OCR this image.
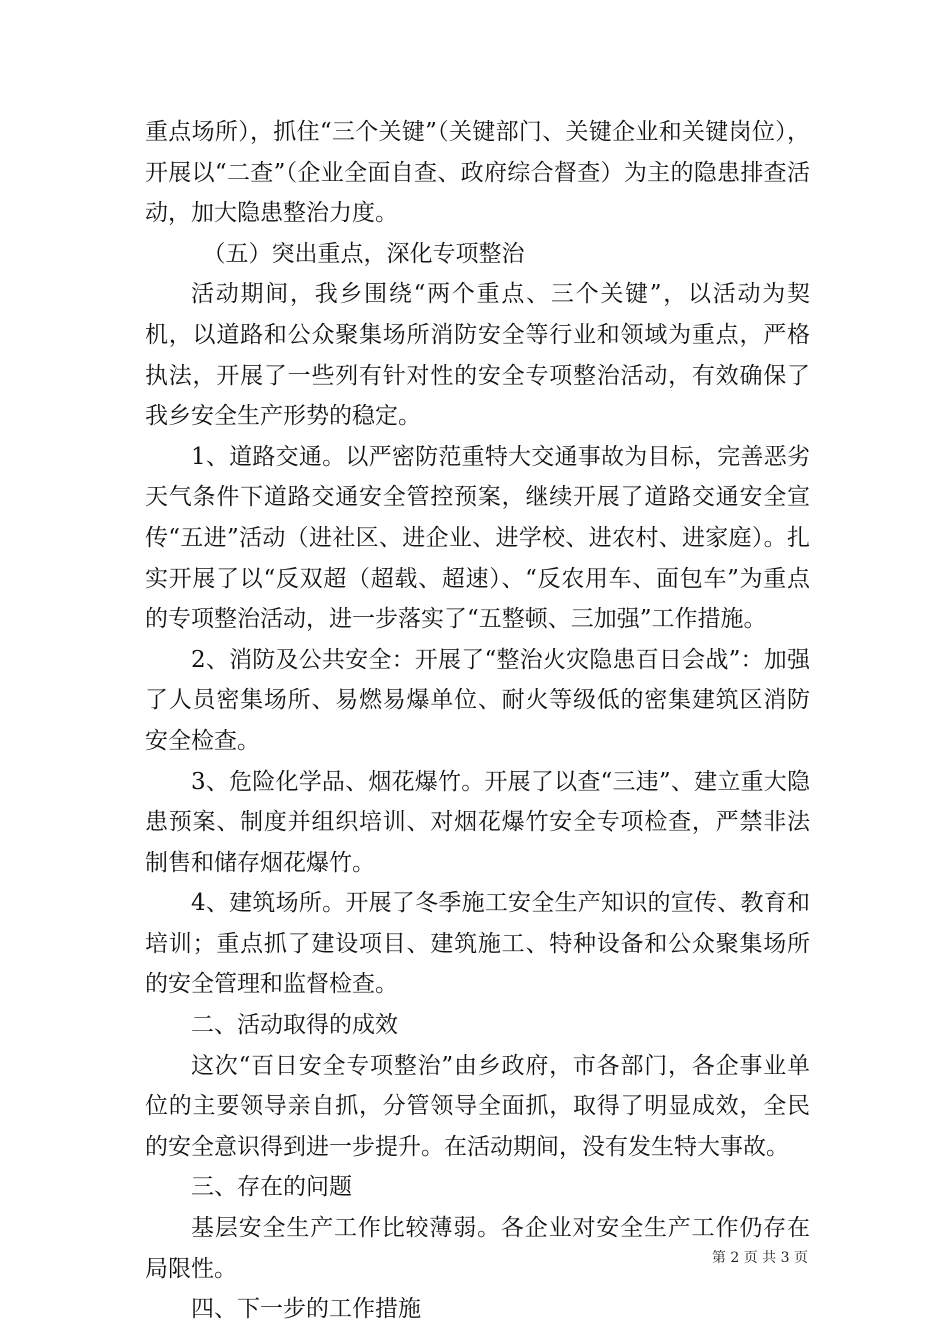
重点场所），抓住“三个关键”（关键部门、关键企业和关键岗位），开展以“二查”（企业全面自查、政府综合督查）为主的隐患排查活动，加大隐患整治力度。

（五）突出重点，深化专项整治

活动期间，我乡围绕“两个重点、三个关键”，以活动为契机，以道路和公众聚集场所消防安全等行业和领域为重点，严格执法，开展了一些列有针对性的安全专项整治活动，有效确保了我乡安全生产形势的稳定。

1、道路交通。以严密防范重特大交通事故为目标，完善恶劣天气条件下道路交通安全管控预案，继续开展了道路交通安全宣传“五进”活动（进社区、进企业、进学校、进农村、进家庭）。扎实开展了以“反双超（超载、超速）、“反农用车、面包车”为重点的专项整治活动，进一步落实了“五整顿、三加强”工作措施。

2、消防及公共安全：开展了“整治火灾隐患百日会战”：加强了人员密集场所、易燃易爆单位、耐火等级低的密集建筑区消防安全检查。

3、危险化学品、烟花爆竹。开展了以查“三违”、建立重大隐患预案、制度并组织培训、对烟花爆竹安全专项检查，严禁非法制售和储存烟花爆竹。

4、建筑场所。开展了冬季施工安全生产知识的宣传、教育和培训；重点抓了建设项目、建筑施工、特种设备和公众聚集场所的安全管理和监督检查。

二、活动取得的成效

这次“百日安全专项整治”由乡政府，市各部门，各企事业单位的主要领导亲自抓，分管领导全面抓，取得了明显成效，全民的安全意识得到进一步提升。在活动期间，没有发生特大事故。

三、存在的问题

基层安全生产工作比较薄弱。各企业对安全生产工作仍存在局限性。

四、下一步的工作措施

第 2 页 共 3 页
